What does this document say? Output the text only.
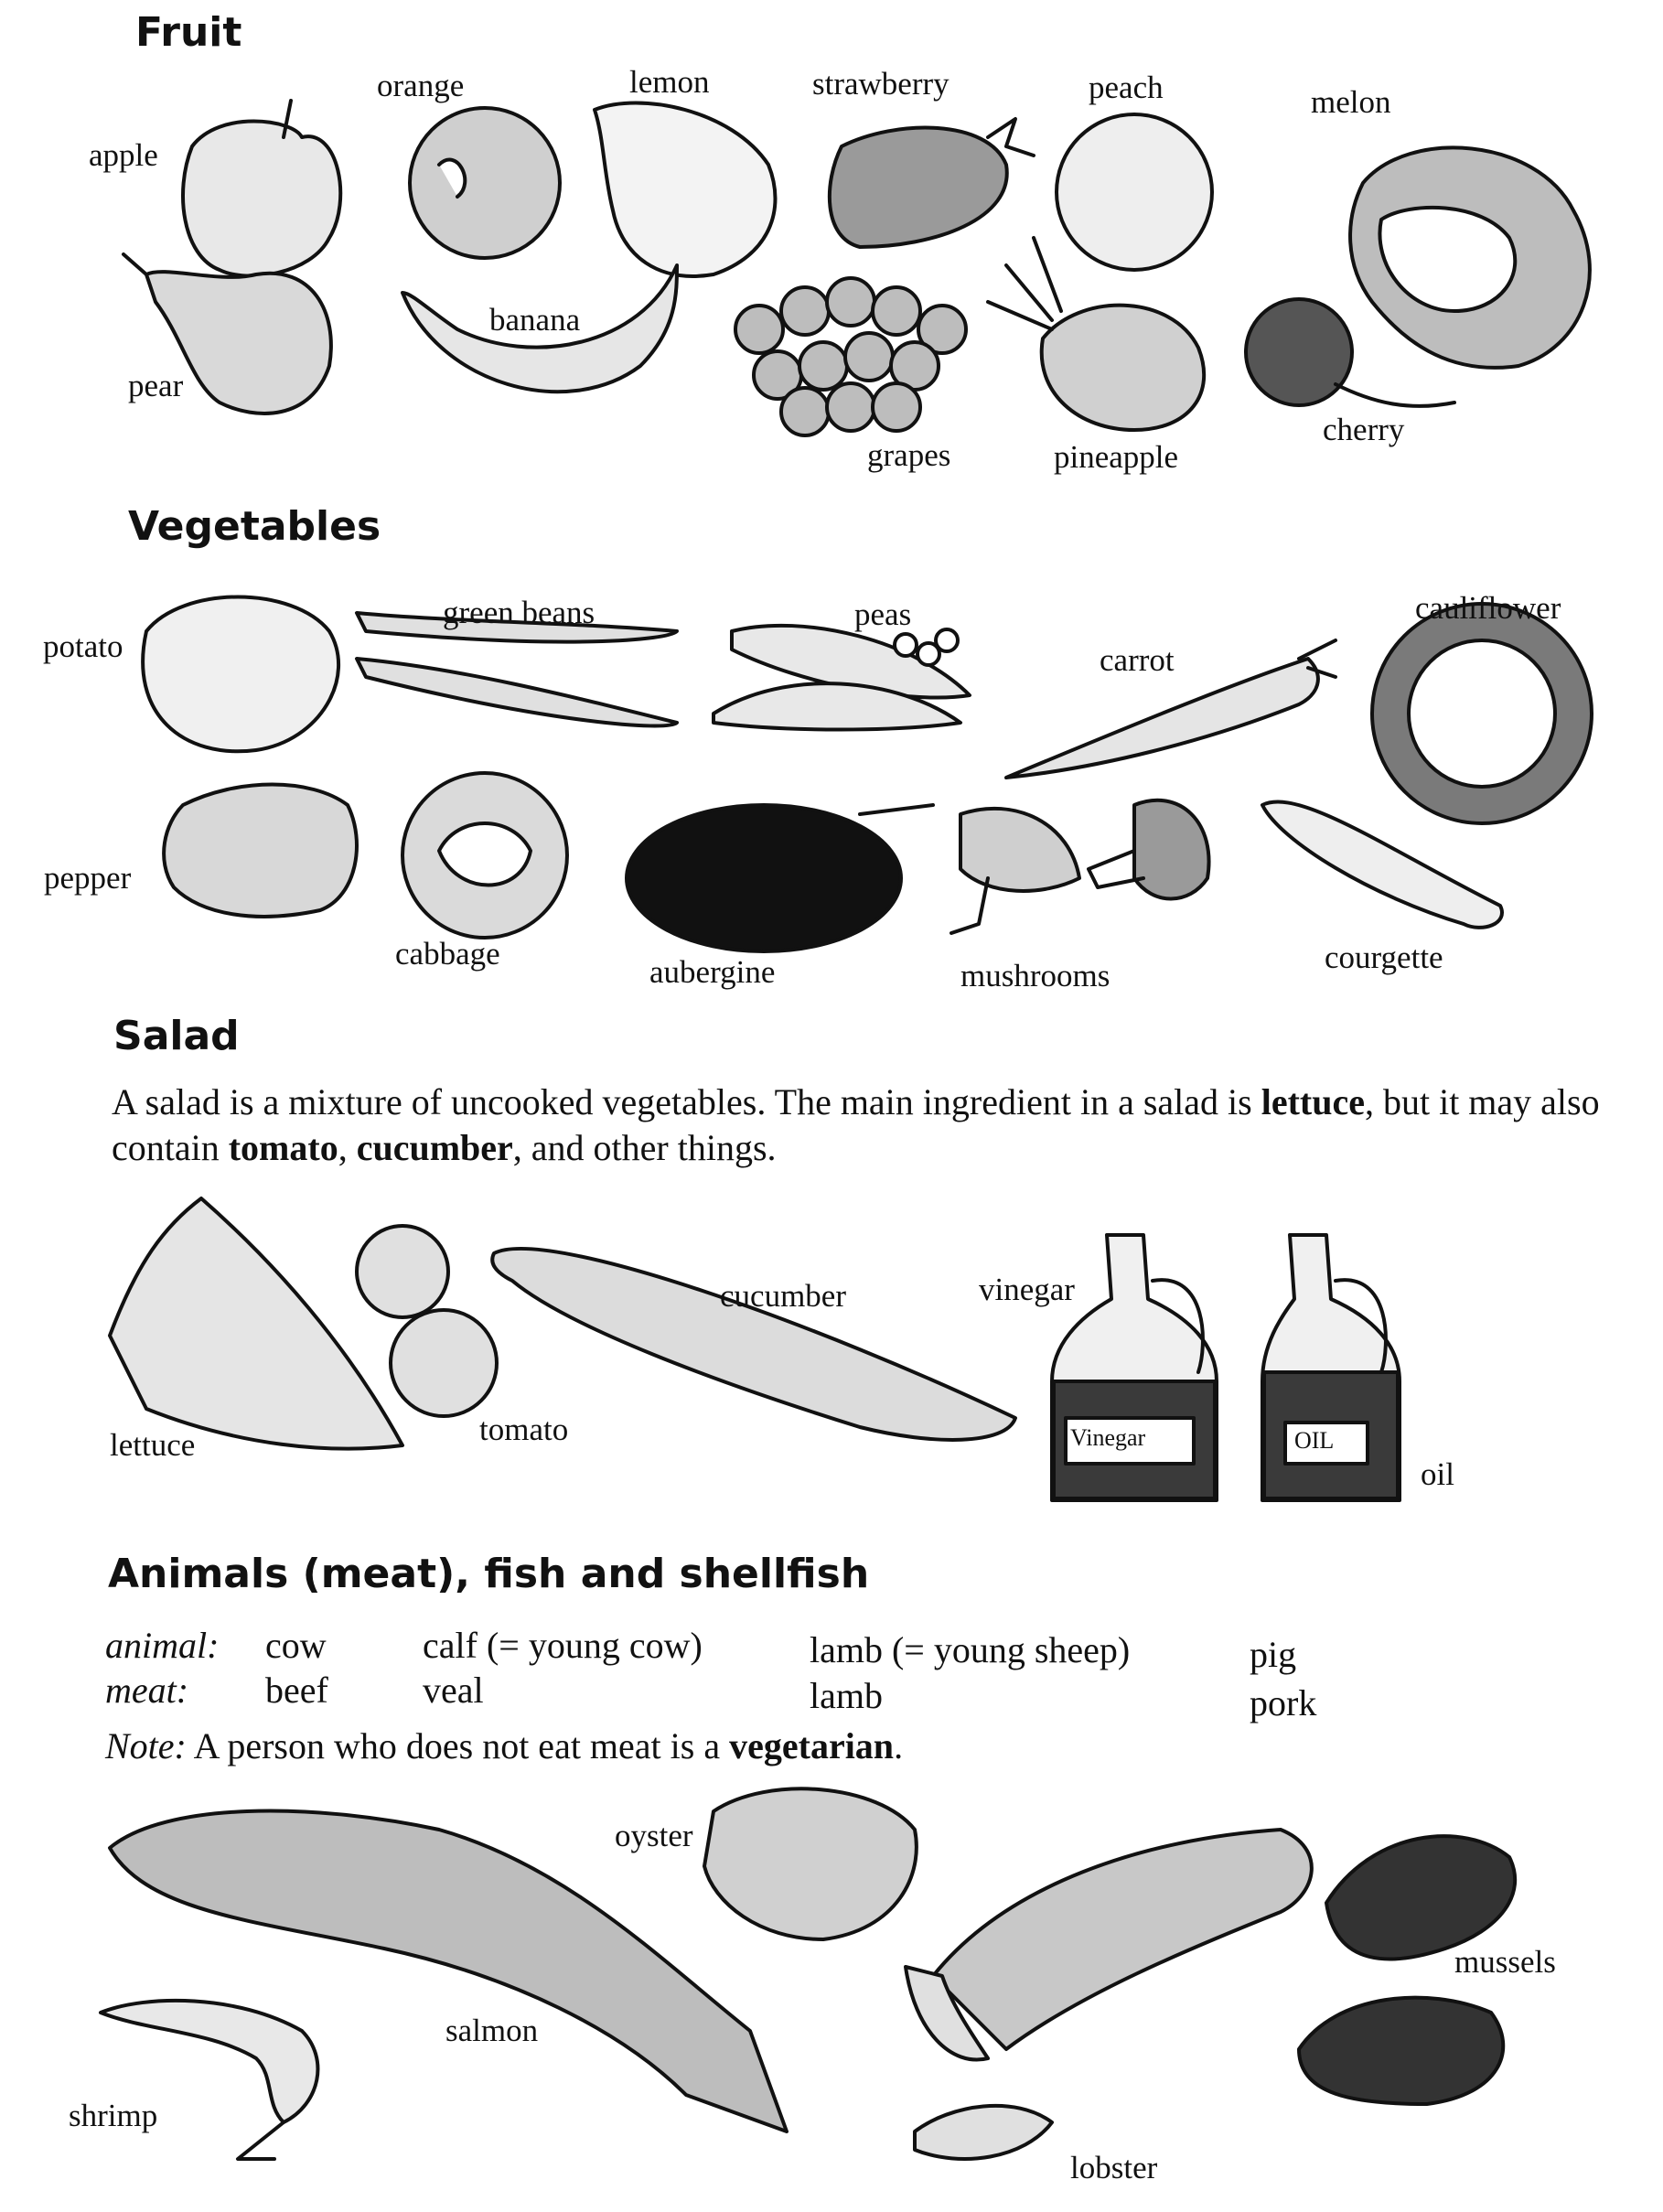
Fruit
apple
orange	lemon	strawberry	peach	melon
pear
banana
grapes	pineapple
cherry
Vegetables
potato
green beans	peas
carrot
cauliflower
pepper
cabbage
aubergine	mushrooms
courgette
Salad
A salad is a mixture of uncooked vegetables. The main ingredient in a salad is lettuce, but it may also contain tomato, cucumber, and other things.
lettuce	tomato
cucumber	vinegar
oil
Vinegar	OIL
Animals (meat), fish and shellfish
animal: cow	calf (= young cow)	lamb (= young sheep)	pig
meat: beef	veal	lamb	pork
Note: A person who does not eat meat is a vegetarian.
oyster
mussels
salmon
shrimp
lobster
